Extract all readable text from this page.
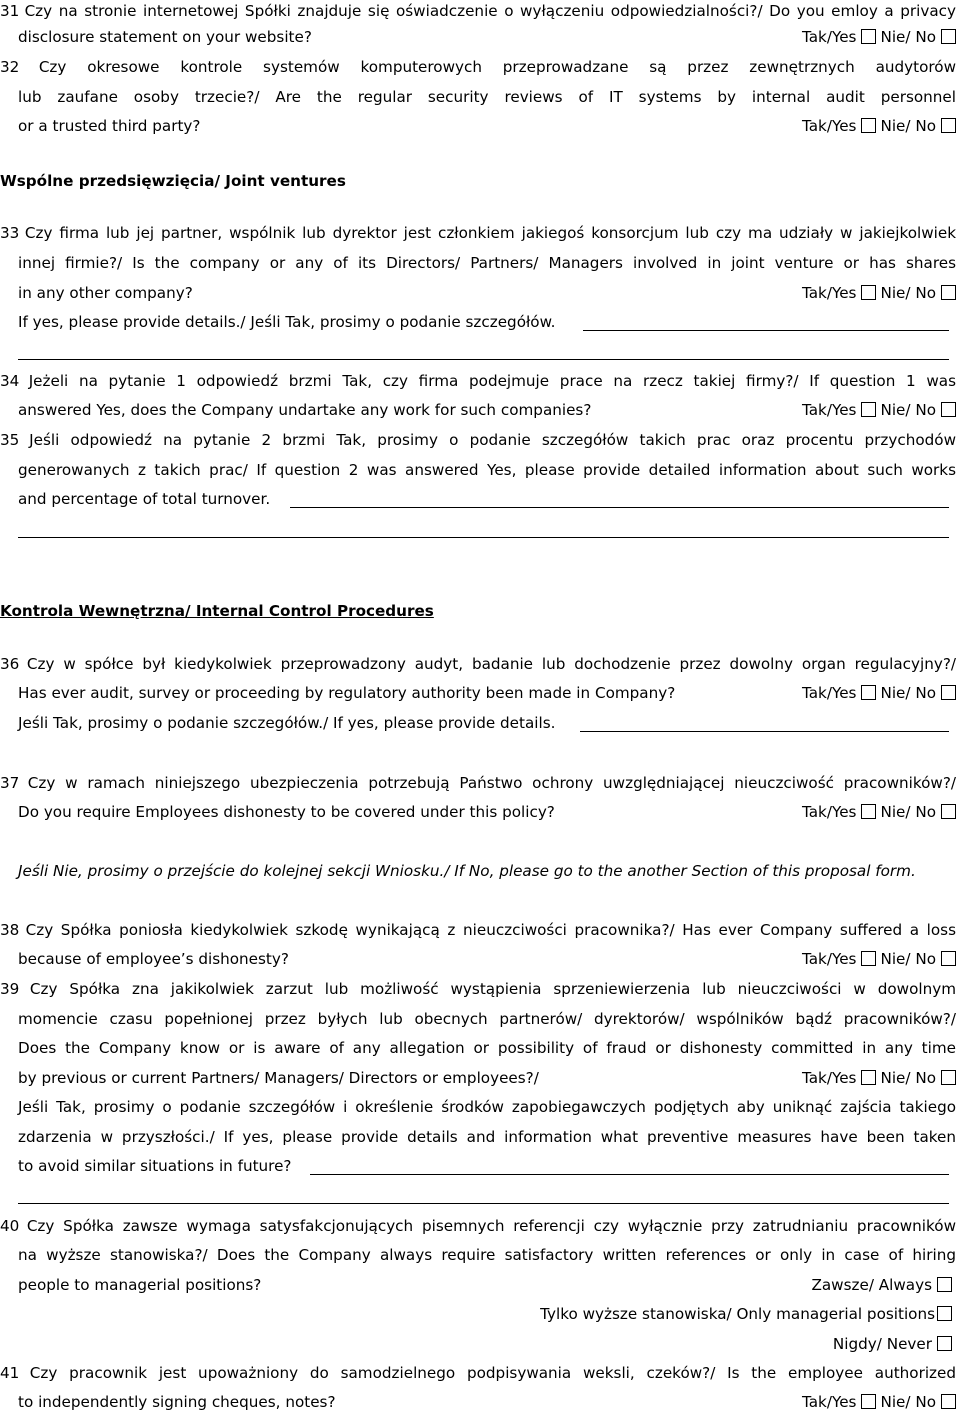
31 Czy na stronie internetowej Spółki znajduje się oświadczenie o wyłączeniu odpowiedzialności?/ Do you emloy a privacy
disclosure statement on your website?	Tak/Yes Nie/ No
32 Czy okresowe kontrole systemów komputerowych przeprowadzane są przez zewnętrznych audytorów
lub zaufane osoby trzecie?/ Are the regular security reviews of IT systems by internal audit personnel
or a trusted third party?	Tak/Yes Nie/ No
Wspólne przedsięwzięcia/ Joint ventures
33 Czy firma lub jej partner, wspólnik lub dyrektor jest członkiem jakiegoś konsorcjum lub czy ma udziały w jakiejkolwiek
innej firmie?/ Is the company or any of its Directors/ Partners/ Managers involved in joint venture or has shares
in any other company?	Tak/Yes Nie/ No
If yes, please provide details./ Jeśli Tak, prosimy o podanie szczegółów.
34 Jeżeli na pytanie 1 odpowiedź brzmi Tak, czy firma podejmuje prace na rzecz takiej firmy?/ If question 1 was
answered Yes, does the Company undartake any work for such companies?	Tak/Yes Nie/ No
35 Jeśli odpowiedź na pytanie 2 brzmi Tak, prosimy o podanie szczegółów takich prac oraz procentu przychodów
generowanych z takich prac/ If question 2 was answered Yes, please provide detailed information about such works
and percentage of total turnover.
Kontrola Wewnętrzna/ Internal Control Procedures
36 Czy w spółce był kiedykolwiek przeprowadzony audyt, badanie lub dochodzenie przez dowolny organ regulacyjny?/
Has ever audit, survey or proceeding by regulatory authority been made in Company?	Tak/Yes Nie/ No
Jeśli Tak, prosimy o podanie szczegółów./ If yes, please provide details.
37 Czy w ramach niniejszego ubezpieczenia potrzebują Państwo ochrony uwzględniającej nieuczciwość pracowników?/
Do you require Employees dishonesty to be covered under this policy?	Tak/Yes Nie/ No
Jeśli Nie, prosimy o przejście do kolejnej sekcji Wniosku./ If No, please go to the another Section of this proposal form.
38 Czy Spółka poniosła kiedykolwiek szkodę wynikającą z nieuczciwości pracownika?/ Has ever Company suffered a loss
because of employee’s dishonesty?	Tak/Yes Nie/ No
39 Czy Spółka zna jakikolwiek zarzut lub możliwość wystąpienia sprzeniewierzenia lub nieuczciwości w dowolnym
momencie czasu popełnionej przez byłych lub obecnych partnerów/ dyrektorów/ wspólników bądź pracowników?/
Does the Company know or is aware of any allegation or possibility of fraud or dishonesty committed in any time
by previous or current Partners/ Managers/ Directors or employees?/	Tak/Yes Nie/ No
Jeśli Tak, prosimy o podanie szczegółów i określenie środków zapobiegawczych podjętych aby uniknąć zajścia takiego
zdarzenia w przyszłości./ If yes, please provide details and information what preventive measures have been taken
to avoid similar situations in future?
40 Czy Spółka zawsze wymaga satysfakcjonujących pisemnych referencji czy wyłącznie przy zatrudnianiu pracowników
na wyższe stanowiska?/ Does the Company always require satisfactory written references or only in case of hiring
people to managerial positions?	Zawsze/ Always
Tylko wyższe stanowiska/ Only managerial positions
Nigdy/ Never
41 Czy pracownik jest upoważniony do samodzielnego podpisywania weksli, czeków?/ Is the employee authorized
to independently signing cheques, notes?	Tak/Yes Nie/ No
